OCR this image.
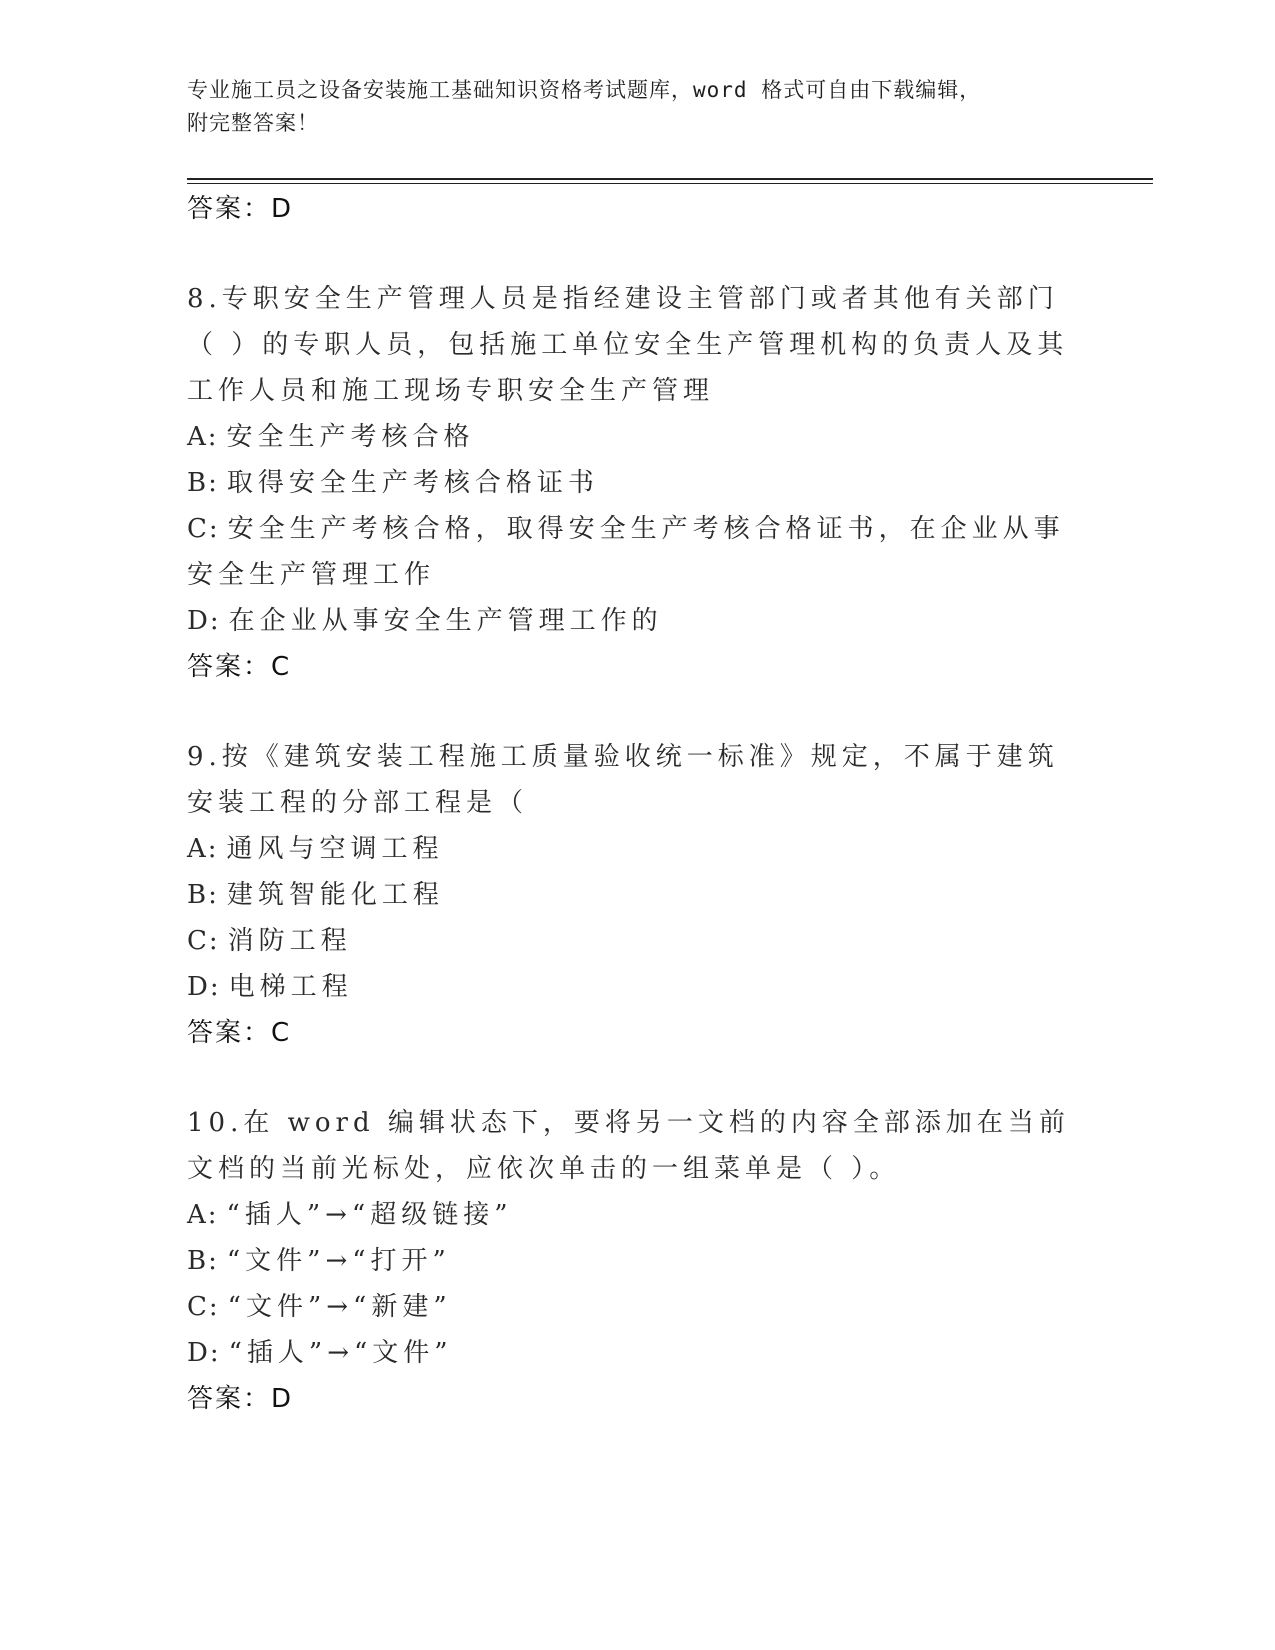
专业施工员之设备安装施工基础知识资格考试题库，word 格式可自由下载编辑，
附完整答案！

答案：D

8.专职安全生产管理人员是指经建设主管部门或者其他有关部门（ ）的专职人员，包括施工单位安全生产管理机构的负责人及其工作人员和施工现场专职安全生产管理

A: 安全生产考核合格

B: 取得安全生产考核合格证书

C: 安全生产考核合格，取得安全生产考核合格证书，在企业从事安全生产管理工作

D: 在企业从事安全生产管理工作的

答案：C

9.按《建筑安装工程施工质量验收统一标准》规定，不属于建筑安装工程的分部工程是（

A: 通风与空调工程

B: 建筑智能化工程

C: 消防工程

D: 电梯工程

答案：C

10.在 word 编辑状态下，要将另一文档的内容全部添加在当前文档的当前光标处，应依次单击的一组菜单是（ ）。

A: “插人”→“超级链接”

B: “文件”→“打开”

C: “文件”→“新建”

D: “插人”→“文件”

答案：D
